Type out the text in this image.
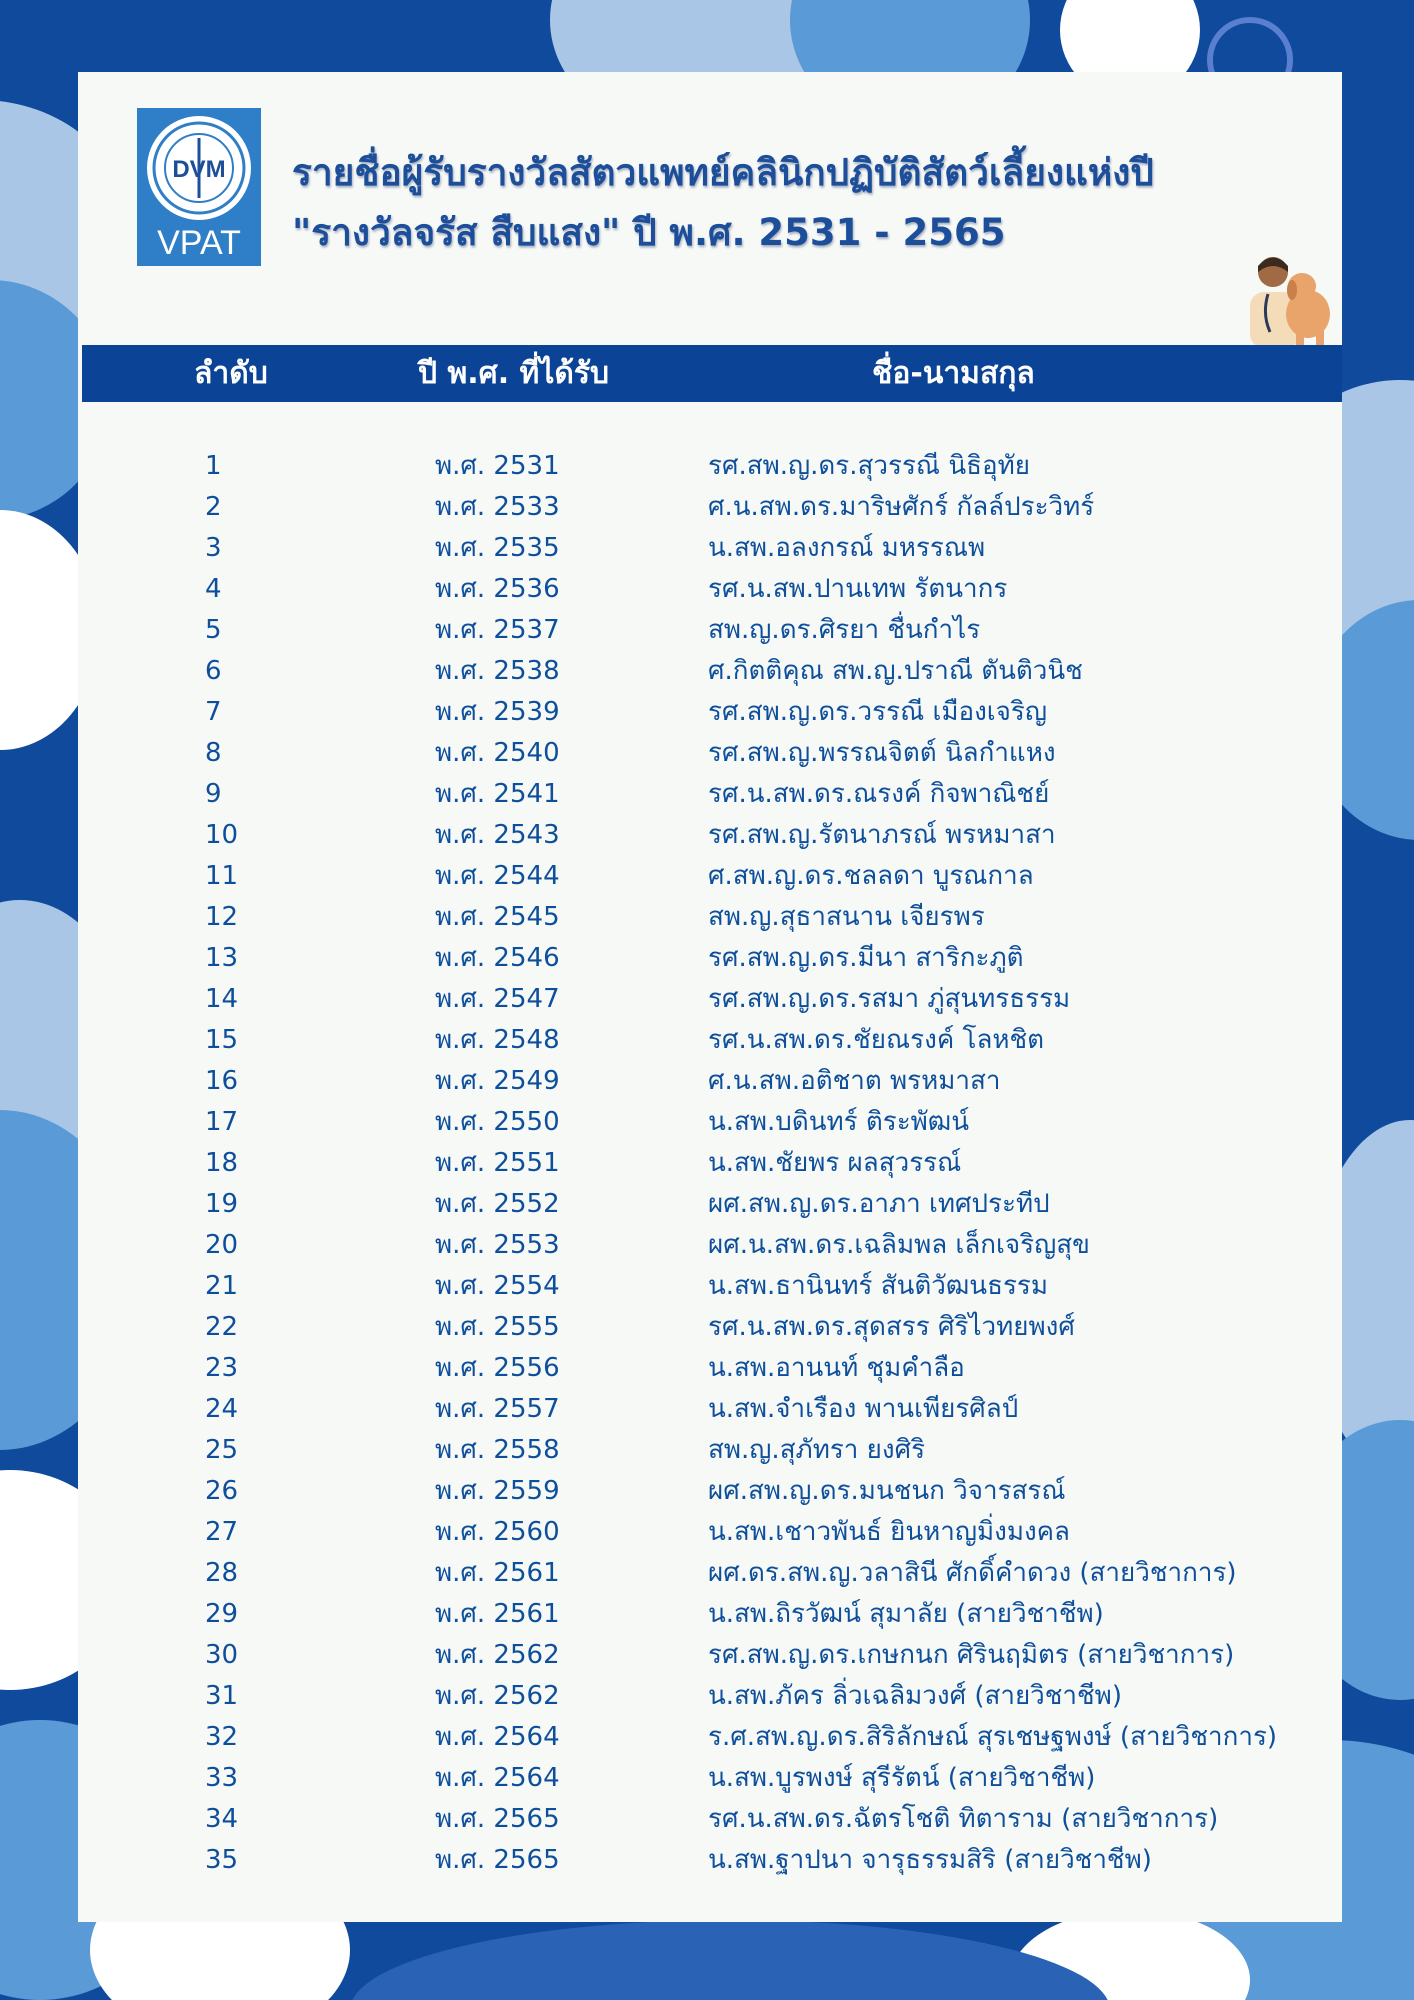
DVM
VPAT
รายชื่อผู้รับรางวัลสัตวแพทย์คลินิกปฏิบัติสัตว์เลี้ยงแห่งปี
"รางวัลจรัส สืบแสง" ปี พ.ศ. 2531 - 2565
ลำดับ	ปี พ.ศ. ที่ได้รับ	ชื่อ-นามสกุล
1	พ.ศ. 2531	รศ.สพ.ญ.ดร.สุวรรณี นิธิอุทัย
2	พ.ศ. 2533	ศ.น.สพ.ดร.มาริษศักร์ กัลล์ประวิทร์
3	พ.ศ. 2535	น.สพ.อลงกรณ์ มหรรณพ
4	พ.ศ. 2536	รศ.น.สพ.ปานเทพ รัตนากร
5	พ.ศ. 2537	สพ.ญ.ดร.ศิรยา ชื่นกำไร
6	พ.ศ. 2538	ศ.กิตติคุณ สพ.ญ.ปราณี ตันติวนิช
7	พ.ศ. 2539	รศ.สพ.ญ.ดร.วรรณี เมืองเจริญ
8	พ.ศ. 2540	รศ.สพ.ญ.พรรณจิตต์ นิลกำแหง
9	พ.ศ. 2541	รศ.น.สพ.ดร.ณรงค์ กิจพาณิชย์
10	พ.ศ. 2543	รศ.สพ.ญ.รัตนาภรณ์ พรหมาสา
11	พ.ศ. 2544	ศ.สพ.ญ.ดร.ชลลดา บูรณกาล
12	พ.ศ. 2545	สพ.ญ.สุธาสนาน เจียรพร
13	พ.ศ. 2546	รศ.สพ.ญ.ดร.มีนา สาริกะภูติ
14	พ.ศ. 2547	รศ.สพ.ญ.ดร.รสมา ภู่สุนทรธรรม
15	พ.ศ. 2548	รศ.น.สพ.ดร.ชัยณรงค์ โลหชิต
16	พ.ศ. 2549	ศ.น.สพ.อติชาต พรหมาสา
17	พ.ศ. 2550	น.สพ.บดินทร์ ติระพัฒน์
18	พ.ศ. 2551	น.สพ.ชัยพร ผลสุวรรณ์
19	พ.ศ. 2552	ผศ.สพ.ญ.ดร.อาภา เทศประทีป
20	พ.ศ. 2553	ผศ.น.สพ.ดร.เฉลิมพล เล็กเจริญสุข
21	พ.ศ. 2554	น.สพ.ธานินทร์ สันติวัฒนธรรม
22	พ.ศ. 2555	รศ.น.สพ.ดร.สุดสรร ศิริไวทยพงศ์
23	พ.ศ. 2556	น.สพ.อานนท์ ชุมคำลือ
24	พ.ศ. 2557	น.สพ.จำเรือง พานเพียรศิลป์
25	พ.ศ. 2558	สพ.ญ.สุภัทรา ยงศิริ
26	พ.ศ. 2559	ผศ.สพ.ญ.ดร.มนชนก วิจารสรณ์
27	พ.ศ. 2560	น.สพ.เชาวพันธ์ ยินหาญมิ่งมงคล
28	พ.ศ. 2561	ผศ.ดร.สพ.ญ.วลาสินี ศักดิ์คำดวง (สายวิชาการ)
29	พ.ศ. 2561	น.สพ.ถิรวัฒน์ สุมาลัย (สายวิชาชีพ)
30	พ.ศ. 2562	รศ.สพ.ญ.ดร.เกษกนก ศิรินฤมิตร (สายวิชาการ)
31	พ.ศ. 2562	น.สพ.ภัคร ลิ่วเฉลิมวงศ์ (สายวิชาชีพ)
32	พ.ศ. 2564	ร.ศ.สพ.ญ.ดร.สิริลักษณ์ สุรเชษฐพงษ์ (สายวิชาการ)
33	พ.ศ. 2564	น.สพ.บูรพงษ์ สุรีรัตน์ (สายวิชาชีพ)
34	พ.ศ. 2565	รศ.น.สพ.ดร.ฉัตรโชติ ทิตาราม (สายวิชาการ)
35	พ.ศ. 2565	น.สพ.ฐาปนา จารุธรรมสิริ (สายวิชาชีพ)
